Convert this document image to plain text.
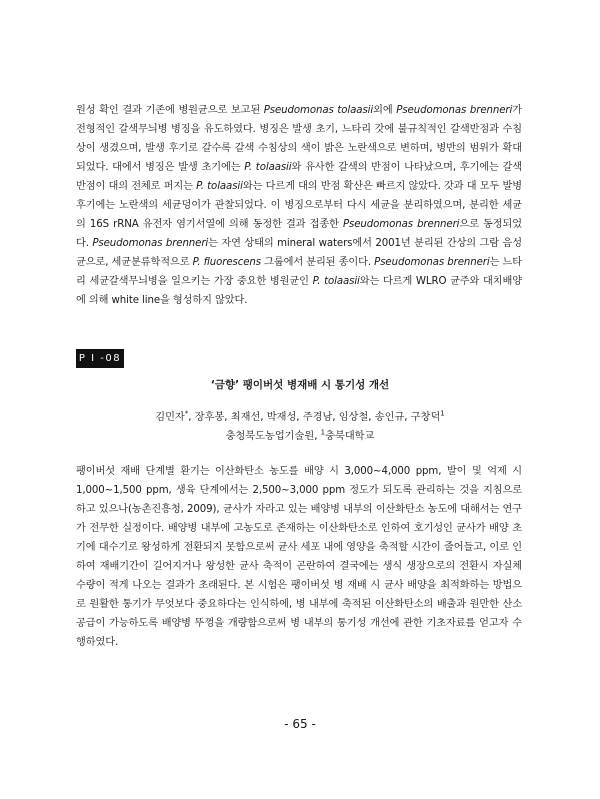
원성 확인 결과 기존에 병원균으로 보고된 Pseudomonas tolaasii외에 Pseudomonas brenneri가 전형적인 갈색무늬병 병징을 유도하였다. 병징은 발생 초기, 느타리 갓에 불규칙적인 갈색반점과 수침상이 생겼으며, 발생 후기로 갈수록 갈색 수침상의 색이 밝은 노란색으로 변하며, 병반의 범위가 확대되었다. 대에서 병징은 발생 초기에는 P. tolaasii와 유사한 갈색의 반점이 나타났으며, 후기에는 갈색반점이 대의 전체로 퍼지는 P. tolaasii와는 다르게 대의 반점 확산은 빠르지 않았다. 갓과 대 모두 발병 후기에는 노란색의 세균덩이가 관찰되었다. 이 병징으로부터 다시 세균을 분리하였으며, 분리한 세균의 16S rRNA 유전자 염기서열에 의해 동정한 결과 접종한 Pseudomonas brenneri으로 동정되었다. Pseudomonas brenneri는 자연 상태의 mineral waters에서 2001년 분리된 간상의 그람 음성균으로, 세균분류학적으로 P. fluorescens 그룹에서 분리된 종이다. Pseudomonas brenneri는 느타리 세균갈색무늬병을 일으키는 가장 중요한 병원균인 P. tolaasii와는 다르게 WLRO 균주와 대치배양에 의해 white line을 형성하지 않았다.
P I -08
‘금향’ 팽이버섯 병재배 시 통기성 개선
김민자*, 장후봉, 최재선, 박재성, 주경남, 임상철, 송인규, 구창덕$^1$
충청북도농업기술원, $^1$충북대학교
팽이버섯 재배 단계별 환기는 이산화탄소 농도를 배양 시 3,000~4,000 ppm, 발이 및 억제 시 1,000~1,500 ppm, 생육 단계에서는 2,500~3,000 ppm 정도가 되도록 관리하는 것을 지침으로 하고 있으나(농촌진흥청, 2009), 균사가 자라고 있는 배양병 내부의 이산화탄소 농도에 대해서는 연구가 전무한 실정이다. 배양병 내부에 고농도로 존재하는 이산화탄소로 인하여 호기성인 균사가 배양 초기에 대수기로 왕성하게 전환되지 못함으로써 균사 세포 내에 영양을 축적할 시간이 줄어들고, 이로 인하여 재배기간이 길어지거나 왕성한 균사 축적이 곤란하여 결국에는 생식 생장으로의 전환시 자실체 수량이 적게 나오는 결과가 초래된다. 본 시험은 팽이버섯 병 재배 시 균사 배양을 최적화하는 방법으로 원활한 통기가 무엇보다 중요하다는 인식하에, 병 내부에 축적된 이산화탄소의 배출과 원만한 산소 공급이 가능하도록 배양병 뚜껑을 개량함으로써 병 내부의 통기성 개선에 관한 기초자료를 얻고자 수행하였다.
- 65 -
